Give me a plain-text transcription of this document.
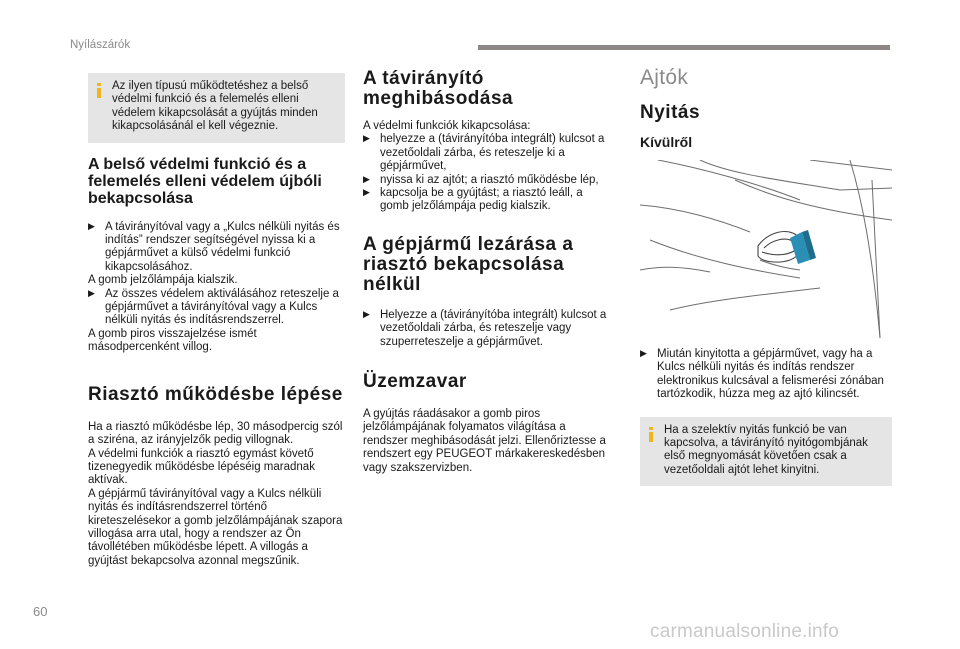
Nyílászárók

Az ilyen típusú működtetéshez a belső védelmi funkció és a felemelés elleni védelem kikapcsolását a gyújtás minden kikapcsolásánál el kell végeznie.

A belső védelmi funkció és a felemelés elleni védelem újbóli bekapcsolása
▶ A távirányítóval vagy a „Kulcs nélküli nyitás és indítás” rendszer segítségével nyissa ki a gépjárművet a külső védelmi funkció kikapcsolásához.

A gomb jelzőlámpája kialszik.

▶ Az összes védelem aktiválásához reteszelje a gépjárművet a távirányítóval vagy a Kulcs nélküli nyitás és indításrendszerrel.

A gomb piros visszajelzése ismét másodpercenként villog.

Riasztó működésbe lépése

Ha a riasztó működésbe lép, 30 másodpercig szól a sziréna, az irányjelzők pedig villognak.

A védelmi funkciók a riasztó egymást követő tizenegyedik működésbe lépéséig maradnak aktívak.

A gépjármű távirányítóval vagy a Kulcs nélküli nyitás és indításrendszerrel történő kireteszelésekor a gomb jelzőlámpájának szapora villogása arra utal, hogy a rendszer az Ön távollétében működésbe lépett. A villogás a gyújtást bekapcsolva azonnal megszűnik.

A távirányító meghibásodása

A védelmi funkciók kikapcsolása:

▶ helyezze a (távirányítóba integrált) kulcsot a vezetőoldali zárba, és reteszelje ki a gépjárművet,
▶ nyissa ki az ajtót; a riasztó működésbe lép,
▶ kapcsolja be a gyújtást; a riasztó leáll, a gomb jelzőlámpája pedig kialszik.
A gépjármű lezárása a riasztó bekapcsolása nélkül
▶ Helyezze a (távirányítóba integrált) kulcsot a vezetőoldali zárba, és reteszelje vagy szuperreteszelje a gépjárművet.
Üzemzavar

A gyújtás ráadásakor a gomb piros jelzőlámpájának folyamatos világítása a rendszer meghibásodását jelzi. Ellenőriztesse a rendszert egy PEUGEOT márkakereskedésben vagy szakszervizben.

Ajtók
Nyitás
Kívülről
▶ Miután kinyitotta a gépjárművet, vagy ha a Kulcs nélküli nyitás és indítás rendszer elektronikus kulcsával a felismerési zónában tartózkodik, húzza meg az ajtó kilincsét.

Ha a szelektív nyitás funkció be van kapcsolva, a távirányító nyitógombjának első megnyomását követően csak a vezetőoldali ajtót lehet kinyitni.

60
carmanualsonline.info
